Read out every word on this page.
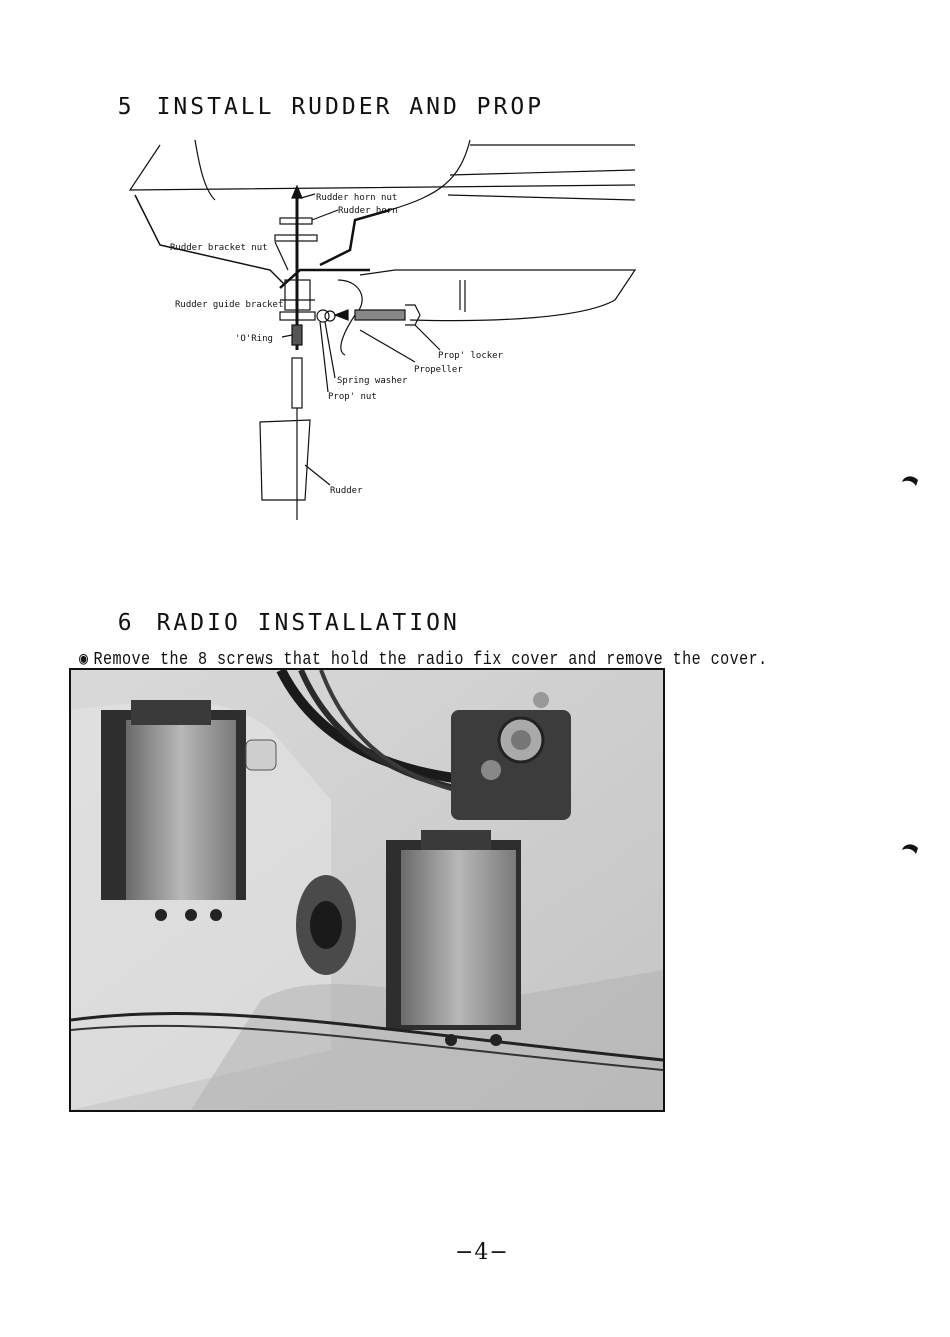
5 INSTALL RUDDER AND PROP

Rudder horn nut
Rudder horn
Rudder bracket nut
Rudder guide bracket
'O'Ring
Prop' locker
Propeller
Spring washer
Prop' nut
Rudder

6 RADIO INSTALLATION

◉ Remove the 8 screws that hold the radio fix cover and remove the cover.

−4−
